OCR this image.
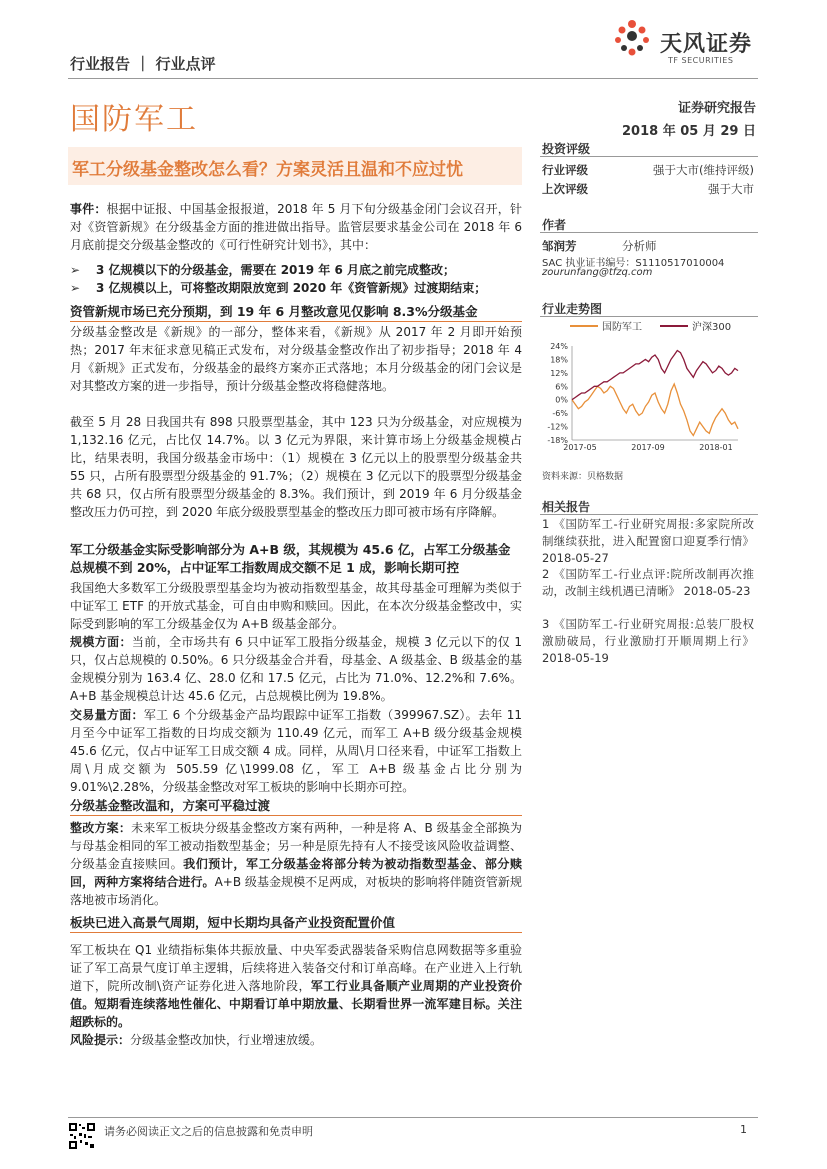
天风证券
TF SECURITIES
行业报告 ｜ 行业点评
国防军工	证券研究报告
2018 年 05 月 29 日
军工分级基金整改怎么看？方案灵活且温和不应过忧
事件：根据中证报、中国基金报报道，2018 年 5 月下旬分级基金闭门会议召开，针对《资管新规》在分级基金方面的推进做出指导。监管层要求基金公司在 2018 年 6 月底前提交分级基金整改的《可行性研究计划书》，其中：
➢ 3 亿规模以下的分级基金，需要在 2019 年 6 月底之前完成整改；
➢ 3 亿规模以上，可将整改期限放宽到 2020 年《资管新规》过渡期结束；
资管新规市场已充分预期，到 19 年 6 月整改意见仅影响 8.3%分级基金
分级基金整改是《新规》的一部分，整体来看，《新规》从 2017 年 2 月即开始预热；2017 年末征求意见稿正式发布，对分级基金整改作出了初步指导；2018 年 4 月《新规》正式发布，分级基金的最终方案亦正式落地；本月分级基金的闭门会议是对其整改方案的进一步指导，预计分级基金整改将稳健落地。
截至 5 月 28 日我国共有 898 只股票型基金，其中 123 只为分级基金，对应规模为 1,132.16 亿元，占比仅 14.7%。以 3 亿元为界限，来计算市场上分级基金规模占比，结果表明，我国分级基金市场中：（1）规模在 3 亿元以上的股票型分级基金共 55 只，占所有股票型分级基金的 91.7%；（2）规模在 3 亿元以下的股票型分级基金共 68 只，仅占所有股票型分级基金的 8.3%。我们预计，到 2019 年 6 月分级基金整改压力仍可控，到 2020 年底分级股票型基金的整改压力即可被市场有序降解。
军工分级基金实际受影响部分为 A+B 级，其规模为 45.6 亿，占军工分级基金总规模不到 20%，占中证军工指数周成交额不足 1 成，影响长期可控
我国绝大多数军工分级股票型基金均为被动指数型基金，故其母基金可理解为类似于中证军工 ETF 的开放式基金，可自由申购和赎回。因此，在本次分级基金整改中，实际受到影响的军工分级基金仅为 A+B 级基金部分。
规模方面：当前，全市场共有 6 只中证军工股指分级基金，规模 3 亿元以下的仅 1 只，仅占总规模的 0.50%。6 只分级基金合并看，母基金、A 级基金、B 级基金的基金规模分别为 163.4 亿、28.0 亿和 17.5 亿元，占比为 71.0%、12.2%和 7.6%。A+B 基金规模总计达 45.6 亿元，占总规模比例为 19.8%。
交易量方面：军工 6 个分级基金产品均跟踪中证军工指数（399967.SZ）。去年 11 月至今中证军工指数的日均成交额为 110.49 亿元，而军工 A+B 级分级基金规模 45.6 亿元，仅占中证军工日成交额 4 成。同样，从周\月口径来看，中证军工指数上周\月成交额为 505.59 亿\1999.08 亿，军工 A+B 级基金占比分别为 9.01%\2.28%，分级基金整改对军工板块的影响中长期亦可控。
分级基金整改温和，方案可平稳过渡
整改方案：未来军工板块分级基金整改方案有两种，一种是将 A、B 级基金全部换为与母基金相同的军工被动指数型基金；另一种是原先持有人不接受该风险收益调整、分级基金直接赎回。我们预计，军工分级基金将部分转为被动指数型基金、部分赎回，两种方案将结合进行。A+B 级基金规模不足两成，对板块的影响将伴随资管新规落地被市场消化。
板块已进入高景气周期，短中长期均具备产业投资配置价值
军工板块在 Q1 业绩指标集体共振放量、中央军委武器装备采购信息网数据等多重验证了军工高景气度订单主逻辑，后续将进入装备交付和订单高峰。在产业进入上行轨道下，院所改制\资产证券化进入落地阶段，军工行业具备顺产业周期的产业投资价值。短期看连续落地性催化、中期看订单中期放量、长期看世界一流军建目标。关注超跌标的。
风险提示：分级基金整改加快，行业增速放缓。
投资评级
行业评级	强于大市(维持评级)
上次评级	强于大市
作者
邹润芳	分析师
SAC 执业证书编号：S1110517010004
zourunfang@tfzq.com
行业走势图
国防军工	沪深300
24%
18%
12%
6%
0%
-6%
-12%
-18%
2017-05	2017-09	2018-01
资料来源：贝格数据
相关报告
1 《国防军工-行业研究周报:多家院所改制继续获批，进入配置窗口迎夏季行情》 2018-05-27
2 《国防军工-行业点评:院所改制再次推动，改制主线机遇已清晰》 2018-05-23
3 《国防军工-行业研究周报:总装厂股权激励破局，行业激励打开顺周期上行》 2018-05-19
请务必阅读正文之后的信息披露和免责申明	1
